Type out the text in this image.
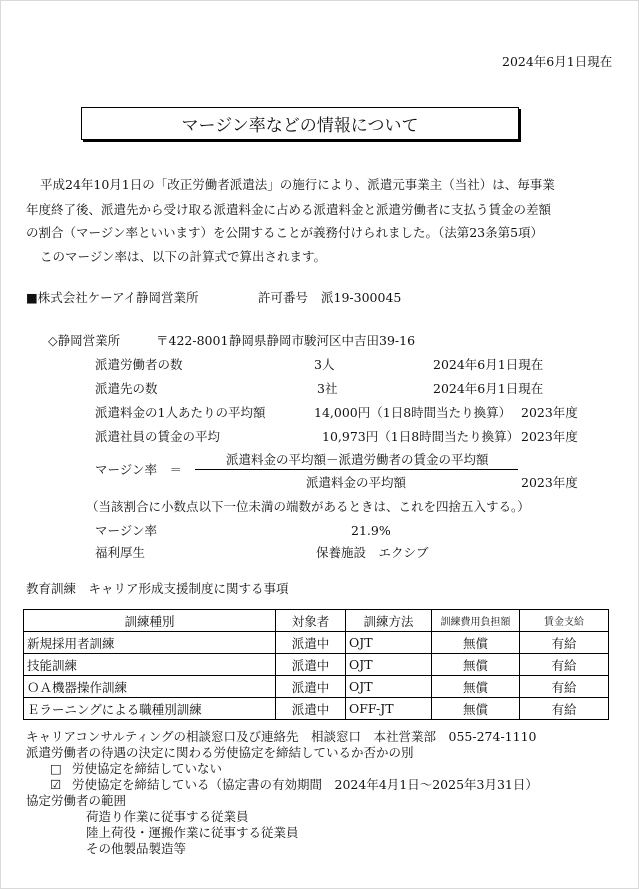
2024年6月1日現在
マージン率などの情報について
平成24年10月1日の「改正労働者派遣法」の施行により、派遣元事業主（当社）は、毎事業
年度終了後、派遣先から受け取る派遣料金に占める派遣料金と派遣労働者に支払う賃金の差額
の割合（マージン率といいます）を公開することが義務付けられました。（法第23条第5項）
このマージン率は、以下の計算式で算出されます。
■株式会社ケーアイ静岡営業所	許可番号 派19-300045
◇静岡営業所	〒422-8001 静岡県静岡市駿河区中吉田39-16
派遣労働者の数	3人	2024年6月1日現在
派遣先の数	3社	2024年6月1日現在
派遣料金の1人あたりの平均額	14,000円（1日8時間当たり換算） 2023年度
派遣社員の賃金の平均	10,973円（1日8時間当たり換算） 2023年度
マージン率　＝
派遣料金の平均額－派遣労働者の賃金の平均額
派遣料金の平均額	2023年度
（当該割合に小数点以下一位未満の端数があるときは、これを四捨五入する。）
マージン率	21.9%
福利厚生	保養施設　エクシブ
教育訓練　キャリア形成支援制度に関する事項
訓練種別	対象者	訓練方法	訓練費用負担額	賃金支給
新規採用者訓練	派遣中	OJT	無償	有給
技能訓練	派遣中	OJT	無償	有給
ＯＡ機器操作訓練	派遣中	OJT	無償	有給
Ｅラーニングによる職種別訓練	派遣中	OFF-JT	無償	有給
キャリアコンサルティングの相談窓口及び連絡先　相談窓口　本社営業部　055-274-1110
派遣労働者の待遇の決定に関わる労使協定を締結しているか否かの別
□ 労使協定を締結していない
☑ 労使協定を締結している（協定書の有効期間　2024年4月1日～2025年3月31日）
協定労働者の範囲
荷造り作業に従事する従業員
陸上荷役・運搬作業に従事する従業員
その他製品製造等
